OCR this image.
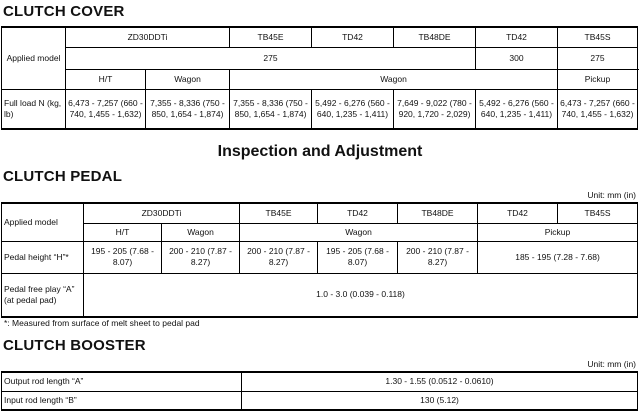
CLUTCH COVER
Applied model	ZD30DDTi		TB45E	TD42	TB48DE	TD42	TB45S
	275					300	275
	H/T	Wagon	Wagon				Pickup
Full load N (kg, lb)	6,473 - 7,257 (660 - 740, 1,455 - 1,632)	7,355 - 8,336 (750 - 850, 1,654 - 1,874)	7,355 - 8,336 (750 - 850, 1,654 - 1,874)	5,492 - 6,276 (560 - 640, 1,235 - 1,411)	7,649 - 9,022 (780 - 920, 1,720 - 2,029)	5,492 - 6,276 (560 - 640, 1,235 - 1,411)	6,473 - 7,257 (660 - 740, 1,455 - 1,632)
Inspection and Adjustment
CLUTCH PEDAL
Unit: mm (in)
Applied model	ZD30DDTi		TB45E	TD42	TB48DE	TD42	TB45S
	H/T	Wagon	Wagon			Pickup	
Pedal height “H”*	195 - 205 (7.68 - 8.07)	200 - 210 (7.87 - 8.27)	200 - 210 (7.87 - 8.27)	195 - 205 (7.68 - 8.07)	200 - 210 (7.87 - 8.27)	185 - 195 (7.28 - 7.68)	
Pedal free play “A” (at pedal pad)	1.0 - 3.0 (0.039 - 0.118)						
*: Measured from surface of melt sheet to pedal pad
CLUTCH BOOSTER
Unit: mm (in)
Output rod length “A”	1.30 - 1.55 (0.0512 - 0.0610)
Input rod length “B”	130 (5.12)
